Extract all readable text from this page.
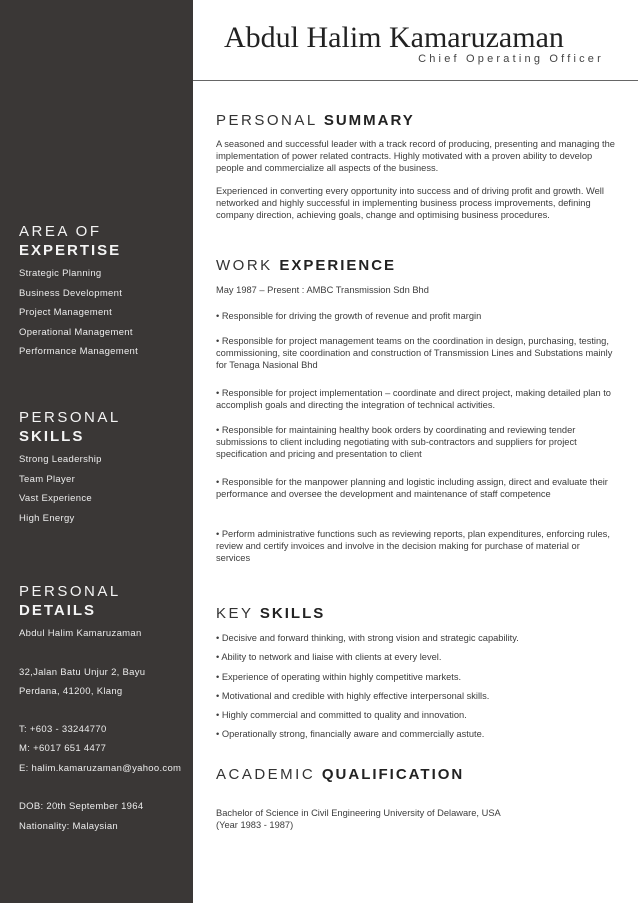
AREA OF
EXPERTISE
Strategic Planning
Business Development
Project Management
Operational Management
Performance Management
PERSONAL
SKILLS
Strong Leadership
Team Player
Vast Experience
High Energy
PERSONAL
DETAILS
Abdul Halim Kamaruzaman
32,Jalan Batu Unjur 2, Bayu
Perdana, 41200, Klang
T: +603 - 33244770
M: +6017 651 4477
E: halim.kamaruzaman@yahoo.com
DOB: 20th September 1964
Nationality: Malaysian
Abdul Halim Kamaruzaman
Chief Operating Officer
PERSONAL SUMMARY

A seasoned and successful leader with a track record of producing, presenting and managing the implementation of power related contracts. Highly motivated with a proven ability to develop people and commercialize all aspects of the business.

Experienced in converting every opportunity into success and of driving profit and growth. Well networked and highly successful in implementing business process improvements, defining company direction, achieving goals, change and optimising business procedures.

WORK EXPERIENCE
May 1987 – Present : AMBC Transmission Sdn Bhd
• Responsible for driving the growth of revenue and profit margin
• Responsible for project management teams on the coordination in design, purchasing, testing, commissioning, site coordination and construction of Transmission Lines and Substations mainly for Tenaga Nasional Bhd
• Responsible for project implementation – coordinate and direct project, making detailed plan to accomplish goals and directing the integration of technical activities.
• Responsible for maintaining healthy book orders by coordinating and reviewing tender submissions to client including negotiating with sub-contractors and suppliers for project specification and pricing and presentation to client
• Responsible for the manpower planning and logistic including assign, direct and evaluate their performance and oversee the development and maintenance of staff competence
• Perform administrative functions such as reviewing reports, plan expenditures, enforcing rules, review and certify invoices and involve in the decision making for purchase of material or services
KEY SKILLS
• Decisive and forward thinking, with strong vision and strategic capability.
• Ability to network and liaise with clients at every level.
• Experience of operating within highly competitive markets.
• Motivational and credible with highly effective interpersonal skills.
• Highly commercial and committed to quality and innovation.
• Operationally strong, financially aware and commercially astute.
ACADEMIC QUALIFICATION
Bachelor of Science in Civil Engineering University of Delaware, USA
(Year 1983 - 1987)
